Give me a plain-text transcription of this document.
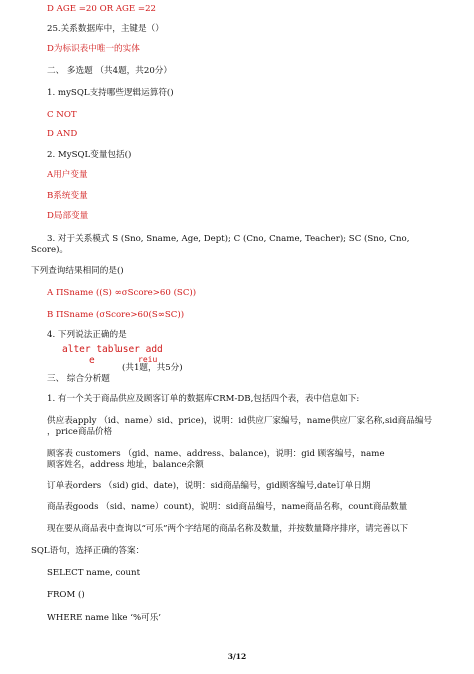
D AGE =20 OR AGE =22
25.关系数据库中，主键是（）
D为标识表中唯一的实体
二、 多选题 （共4题，共20分）
1. mySQL支持哪些逻辑运算符()
C NOT
D AND
2. MySQL变量包括()
A用户变量
B系统变量
D局部变量
3. 对于关系模式 S (Sno, Sname, Age, Dept); C (Cno, Cname, Teacher); SC (Sno, Cno,
Score)。
下列查询结果相同的是()
A ΠSname ((S) ∞σScore>60 (SC))
B ΠSname (σScore>60(S∞SC))
4. 下列说法正确的是
alter tabl
e
user add
reiu
(共1题，共5分)
三、 综合分析题
1. 有一个关于商品供应及顾客订单的数据库CRM-DB,包括四个表，表中信息如下:
供应表apply （id、name）sid、price)，说明：id供应厂家编号，name供应厂家名称,sid商品编号
，price商品价格
顾客表 customers （gid、name、address、balance)，说明：gid 顾客编号，name
顾客姓名，address 地址，balance余额
订单表orders （sid) gid、date)，说明：sid商品编号，gid顾客编号,date订单日期
商品表goods （sid、name）count)，说明：sid商品编号，name商品名称，count商品数量
现在要从商品表中查询以“可乐”两个字结尾的商品名称及数量，并按数量降序排序，请完善以下
SQL语句，选择正确的答案：
SELECT name, count
FROM ()
WHERE name like ‘%可乐’
3/12
